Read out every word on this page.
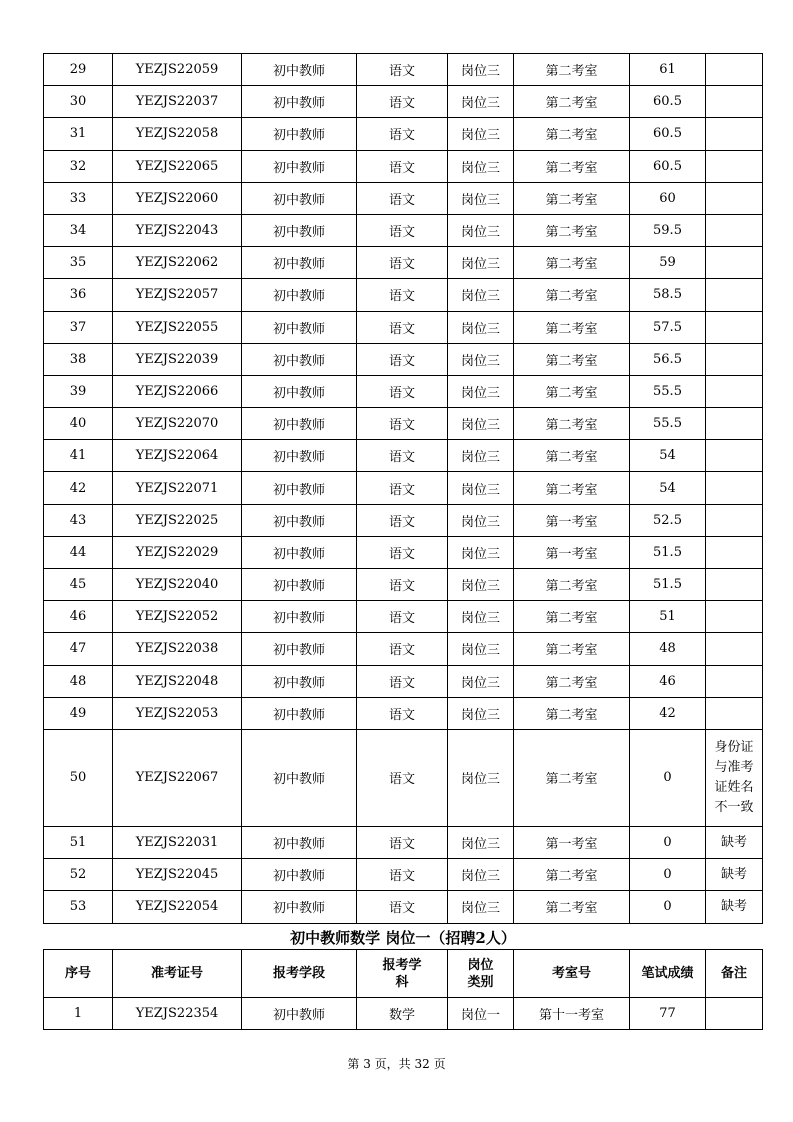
29	YEZJS22059	初中教师	语文	岗位三	第二考室	61	
30	YEZJS22037	初中教师	语文	岗位三	第二考室	60.5	
31	YEZJS22058	初中教师	语文	岗位三	第二考室	60.5	
32	YEZJS22065	初中教师	语文	岗位三	第二考室	60.5	
33	YEZJS22060	初中教师	语文	岗位三	第二考室	60	
34	YEZJS22043	初中教师	语文	岗位三	第二考室	59.5	
35	YEZJS22062	初中教师	语文	岗位三	第二考室	59	
36	YEZJS22057	初中教师	语文	岗位三	第二考室	58.5	
37	YEZJS22055	初中教师	语文	岗位三	第二考室	57.5	
38	YEZJS22039	初中教师	语文	岗位三	第二考室	56.5	
39	YEZJS22066	初中教师	语文	岗位三	第二考室	55.5	
40	YEZJS22070	初中教师	语文	岗位三	第二考室	55.5	
41	YEZJS22064	初中教师	语文	岗位三	第二考室	54	
42	YEZJS22071	初中教师	语文	岗位三	第二考室	54	
43	YEZJS22025	初中教师	语文	岗位三	第一考室	52.5	
44	YEZJS22029	初中教师	语文	岗位三	第一考室	51.5	
45	YEZJS22040	初中教师	语文	岗位三	第二考室	51.5	
46	YEZJS22052	初中教师	语文	岗位三	第二考室	51	
47	YEZJS22038	初中教师	语文	岗位三	第二考室	48	
48	YEZJS22048	初中教师	语文	岗位三	第二考室	46	
49	YEZJS22053	初中教师	语文	岗位三	第二考室	42	
50	YEZJS22067	初中教师	语文	岗位三	第二考室	0	身份证与准考证姓名不一致
51	YEZJS22031	初中教师	语文	岗位三	第一考室	0	缺考
52	YEZJS22045	初中教师	语文	岗位三	第二考室	0	缺考
53	YEZJS22054	初中教师	语文	岗位三	第二考室	0	缺考
初中教师数学 岗位一（招聘2人）
序号	准考证号	报考学段	报考学科	岗位类别	考室号	笔试成绩	备注
1	YEZJS22354	初中教师	数学	岗位一	第十一考室	77	
第 3 页，共 32 页
